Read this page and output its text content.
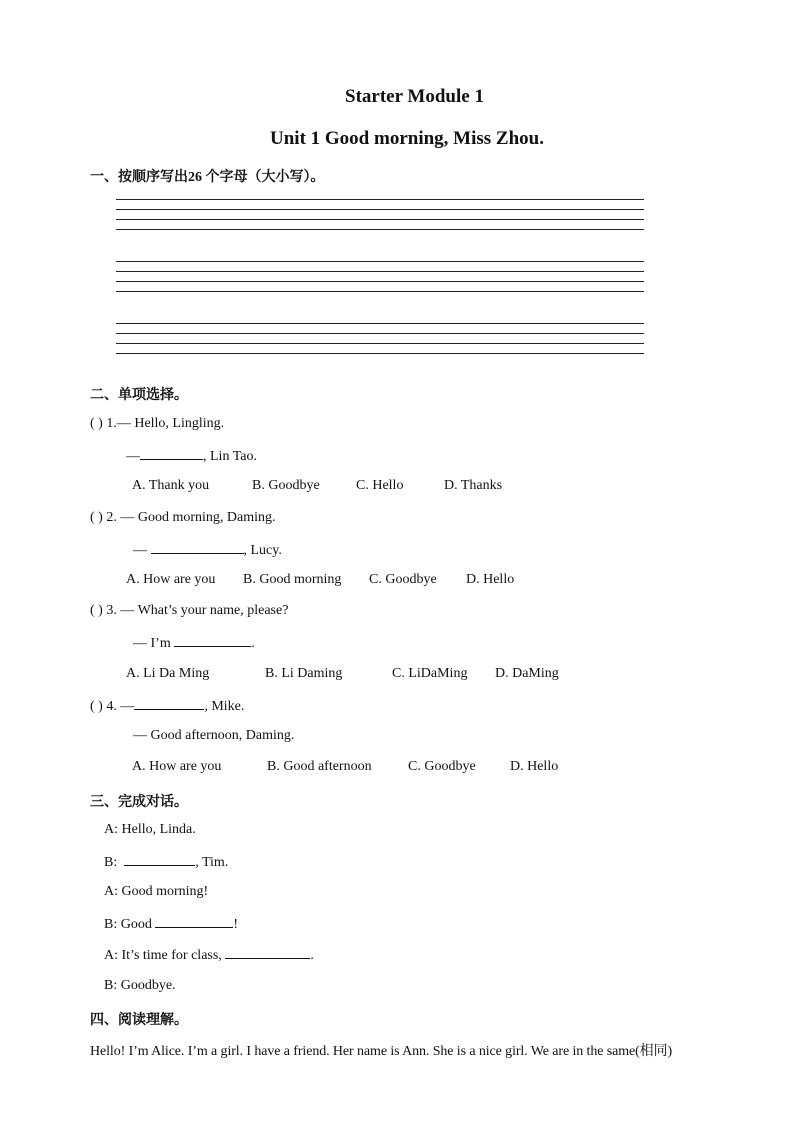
Starter Module 1
Unit 1 Good morning, Miss Zhou.
一、按顺序写出26 个字母（大小写）。
二、单项选择。
( ) 1.— Hello, Lingling.
—	, Lin Tao.
A. Thank you	B. Goodbye	C. Hello	D. Thanks
( ) 2. — Good morning, Daming.
—	, Lucy.
A. How are you B. Good morning C. Goodbye D. Hello
( ) 3. — What’s your name, please?
— I’m	.
A. Li Da Ming	B. Li Daming	C. LiDaMing D. DaMing
( ) 4. —	, Mike.
— Good afternoon, Daming.
A. How are you	B. Good afternoon	C. Goodbye D. Hello
三、完成对话。
A: Hello, Linda.
B:	, Tim.
A: Good morning!
B: Good	!
A: It’s time for class,	.
B: Goodbye.
四、阅读理解。
Hello! I’m Alice. I’m a girl. I have a friend. Her name is Ann. She is a nice girl. We are in the same(相同)
